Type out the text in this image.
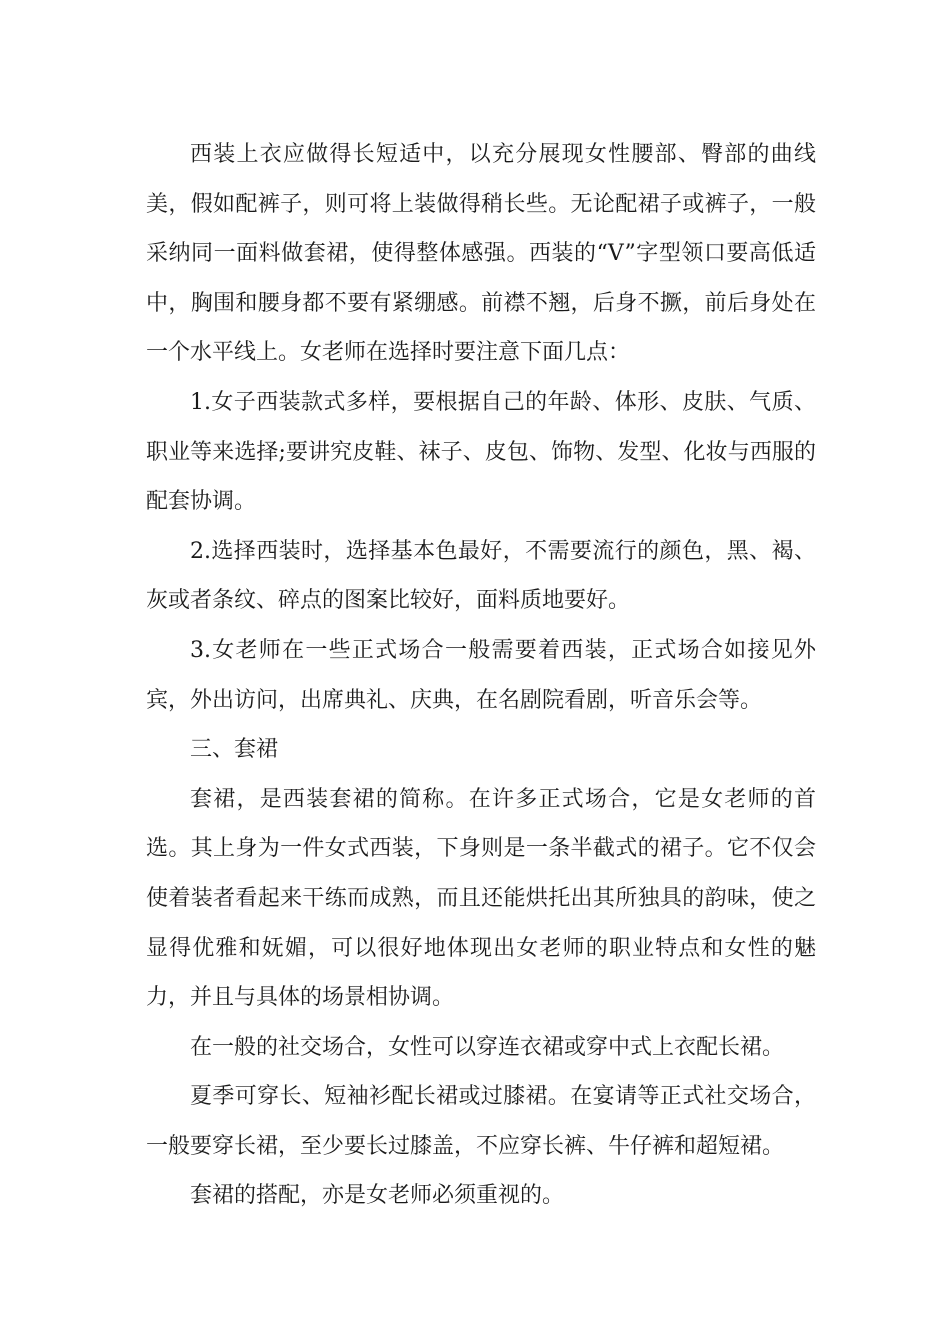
西装上衣应做得长短适中，以充分展现女性腰部、臀部的曲线美，假如配裤子，则可将上装做得稍长些。无论配裙子或裤子，一般采纳同一面料做套裙，使得整体感强。西装的“V”字型领口要高低适中，胸围和腰身都不要有紧绷感。前襟不翘，后身不撅，前后身处在一个水平线上。女老师在选择时要注意下面几点：

1.女子西装款式多样，要根据自己的年龄、体形、皮肤、气质、职业等来选择;要讲究皮鞋、袜子、皮包、饰物、发型、化妆与西服的配套协调。

2.选择西装时，选择基本色最好，不需要流行的颜色，黑、褐、灰或者条纹、碎点的图案比较好，面料质地要好。

3.女老师在一些正式场合一般需要着西装，正式场合如接见外宾，外出访问，出席典礼、庆典，在名剧院看剧，听音乐会等。

三、套裙

套裙，是西装套裙的简称。在许多正式场合，它是女老师的首选。其上身为一件女式西装，下身则是一条半截式的裙子。它不仅会使着装者看起来干练而成熟，而且还能烘托出其所独具的韵味，使之显得优雅和妩媚，可以很好地体现出女老师的职业特点和女性的魅力，并且与具体的场景相协调。

在一般的社交场合，女性可以穿连衣裙或穿中式上衣配长裙。

夏季可穿长、短袖衫配长裙或过膝裙。在宴请等正式社交场合，一般要穿长裙，至少要长过膝盖，不应穿长裤、牛仔裤和超短裙。

套裙的搭配，亦是女老师必须重视的。
